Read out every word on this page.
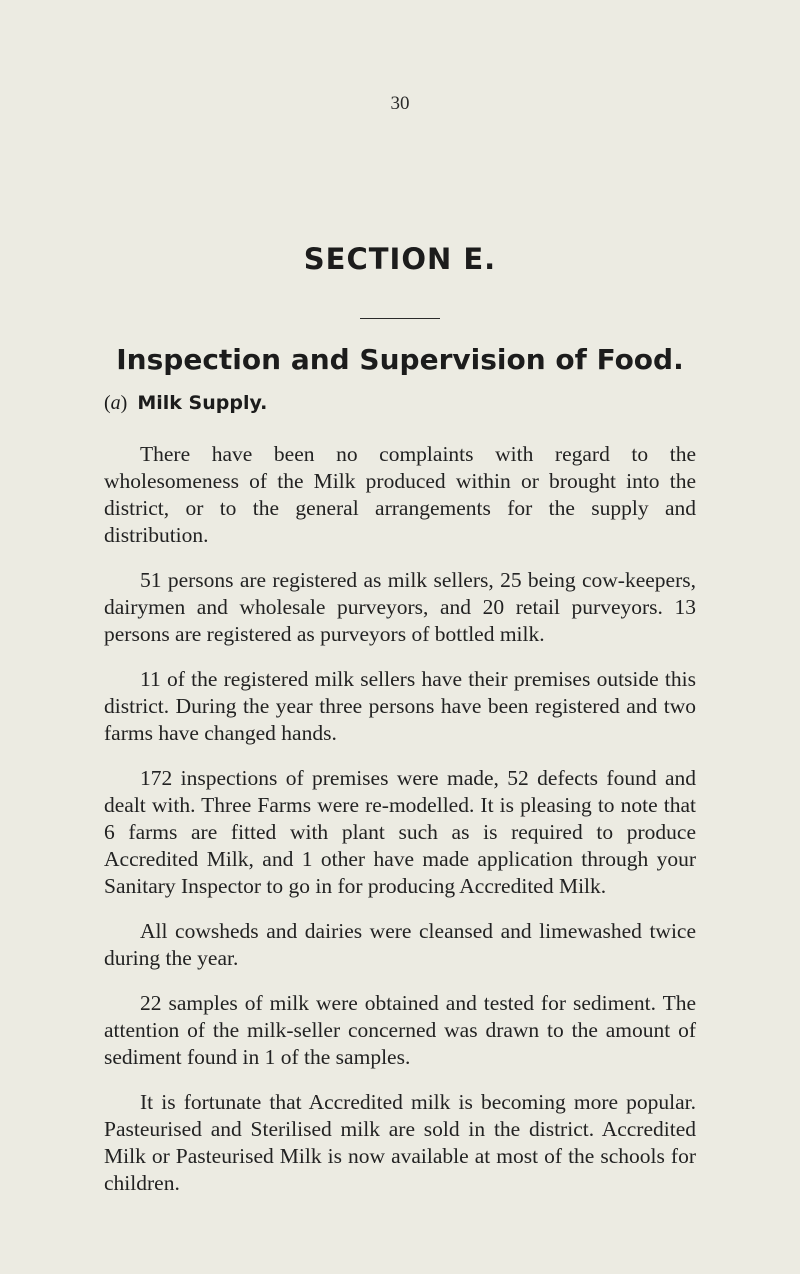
30
SECTION E.
Inspection and Supervision of Food.
(a) Milk Supply.

There have been no complaints with regard to the wholesomeness of the Milk produced within or brought into the district, or to the general arrangements for the supply and distribution.

51 persons are registered as milk sellers, 25 being cow-keepers, dairymen and wholesale purveyors, and 20 retail purveyors. 13 persons are registered as purveyors of bottled milk.

11 of the registered milk sellers have their premises outside this district. During the year three persons have been registered and two farms have changed hands.

172 inspections of premises were made, 52 defects found and dealt with. Three Farms were re-modelled. It is pleasing to note that 6 farms are fitted with plant such as is required to produce Accredited Milk, and 1 other have made application through your Sanitary Inspector to go in for producing Accredited Milk.

All cowsheds and dairies were cleansed and limewashed twice during the year.

22 samples of milk were obtained and tested for sediment. The attention of the milk-seller concerned was drawn to the amount of sediment found in 1 of the samples.

It is fortunate that Accredited milk is becoming more popular. Pasteurised and Sterilised milk are sold in the district. Accredited Milk or Pasteurised Milk is now available at most of the schools for children.
